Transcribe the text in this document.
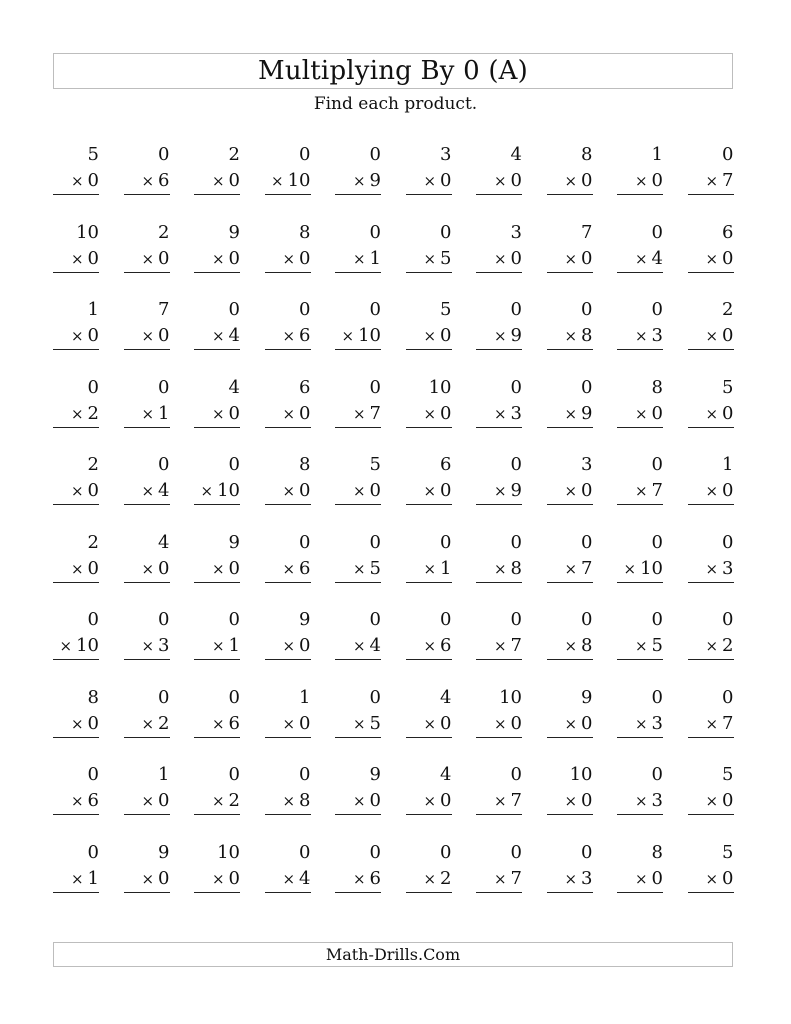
Multiplying By 0 (A)
Find each product.
5
× 0
0
× 6
2
× 0
0
× 10
0
× 9
3
× 0
4
× 0
8
× 0
1
× 0
0
× 7
10
× 0
2
× 0
9
× 0
8
× 0
0
× 1
0
× 5
3
× 0
7
× 0
0
× 4
6
× 0
1
× 0
7
× 0
0
× 4
0
× 6
0
× 10
5
× 0
0
× 9
0
× 8
0
× 3
2
× 0
0
× 2
0
× 1
4
× 0
6
× 0
0
× 7
10
× 0
0
× 3
0
× 9
8
× 0
5
× 0
2
× 0
0
× 4
0
× 10
8
× 0
5
× 0
6
× 0
0
× 9
3
× 0
0
× 7
1
× 0
2
× 0
4
× 0
9
× 0
0
× 6
0
× 5
0
× 1
0
× 8
0
× 7
0
× 10
0
× 3
0
× 10
0
× 3
0
× 1
9
× 0
0
× 4
0
× 6
0
× 7
0
× 8
0
× 5
0
× 2
8
× 0
0
× 2
0
× 6
1
× 0
0
× 5
4
× 0
10
× 0
9
× 0
0
× 3
0
× 7
0
× 6
1
× 0
0
× 2
0
× 8
9
× 0
4
× 0
0
× 7
10
× 0
0
× 3
5
× 0
0
× 1
9
× 0
10
× 0
0
× 4
0
× 6
0
× 2
0
× 7
0
× 3
8
× 0
5
× 0
Math-Drills.Com
